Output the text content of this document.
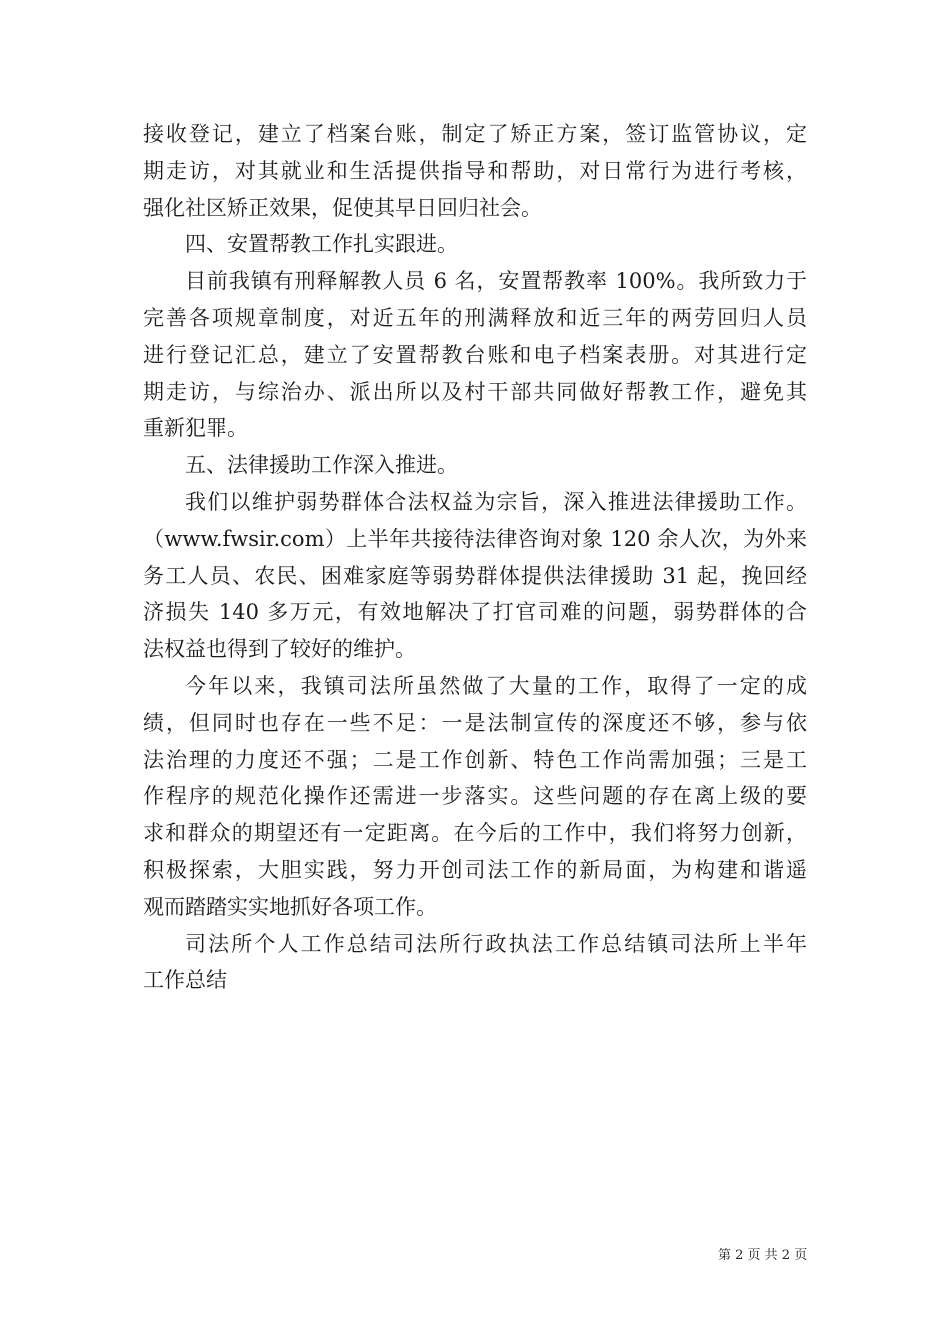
接收登记，建立了档案台账，制定了矫正方案，签订监管协议，定
期走访，对其就业和生活提供指导和帮助，对日常行为进行考核，
强化社区矫正效果，促使其早日回归社会。
四、安置帮教工作扎实跟进。
目前我镇有刑释解教人员 6 名，安置帮教率 100%。我所致力于
完善各项规章制度，对近五年的刑满释放和近三年的两劳回归人员
进行登记汇总，建立了安置帮教台账和电子档案表册。对其进行定
期走访，与综治办、派出所以及村干部共同做好帮教工作，避免其
重新犯罪。
五、法律援助工作深入推进。
我们以维护弱势群体合法权益为宗旨，深入推进法律援助工作。
（www.fwsir.com）上半年共接待法律咨询对象 120 余人次，为外来
务工人员、农民、困难家庭等弱势群体提供法律援助 31 起，挽回经
济损失 140 多万元，有效地解决了打官司难的问题，弱势群体的合
法权益也得到了较好的维护。
今年以来，我镇司法所虽然做了大量的工作，取得了一定的成
绩，但同时也存在一些不足：一是法制宣传的深度还不够，参与依
法治理的力度还不强；二是工作创新、特色工作尚需加强；三是工
作程序的规范化操作还需进一步落实。这些问题的存在离上级的要
求和群众的期望还有一定距离。在今后的工作中，我们将努力创新，
积极探索，大胆实践，努力开创司法工作的新局面，为构建和谐遥
观而踏踏实实地抓好各项工作。
司法所个人工作总结司法所行政执法工作总结镇司法所上半年
工作总结
第 2 页 共 2 页
